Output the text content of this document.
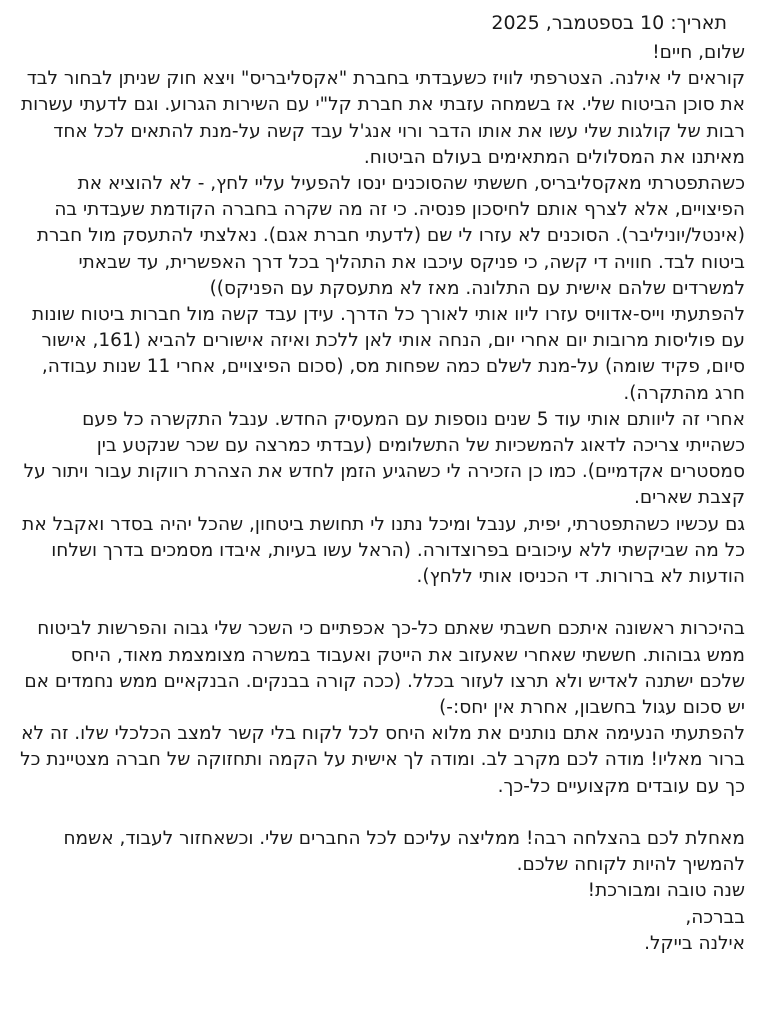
תאריך: 10 בספטמבר, 2025

שלום, חיים!

קוראים לי אילנה. הצטרפתי לוויז כשעבדתי בחברת "אקסליבריס" ויצא חוק שניתן לבחור לבד את סוכן הביטוח שלי. אז בשמחה עזבתי את חברת קל"י עם השירות הגרוע. וגם לדעתי עשרות רבות של קולגות שלי עשו את אותו הדבר ורוי אנג'ל עבד קשה על-מנת להתאים לכל אחד מאיתנו את המסלולים המתאימים בעולם הביטוח.

כשהתפטרתי מאקסליבריס, חששתי שהסוכנים ינסו להפעיל עליי לחץ, - לא להוציא את הפיצויים, אלא לצרף אותם לחיסכון פנסיה. כי זה מה שקרה בחברה הקודמת שעבדתי בה (אינטל/יוניליבר). הסוכנים לא עזרו לי שם (לדעתי חברת אגם). נאלצתי להתעסק מול חברת ביטוח לבד. חוויה די קשה, כי פניקס עיכבו את התהליך בכל דרך האפשרית, עד שבאתי למשרדים שלהם אישית עם התלונה. מאז לא מתעסקת עם הפניקס))

להפתעתי וייס-אדוויס עזרו ליוו אותי לאורך כל הדרך. עידן עבד קשה מול חברות ביטוח שונות עם פוליסות מרובות יום אחרי יום, הנחה אותי לאן ללכת ואיזה אישורים להביא (161, אישור סיום, פקיד שומה) על-מנת לשלם כמה שפחות מס, (סכום הפיצויים, אחרי 11 שנות עבודה, חרג מהתקרה).

אחרי זה ליוותם אותי עוד 5 שנים נוספות עם המעסיק החדש. ענבל התקשרה כל פעם כשהייתי צריכה לדאוג להמשכיות של התשלומים (עבדתי כמרצה עם שכר שנקטע בין סמסטרים אקדמיים). כמו כן הזכירה לי כשהגיע הזמן לחדש את הצהרת רווקות עבור ויתור על קצבת שארים.

גם עכשיו כשהתפטרתי, יפית, ענבל ומיכל נתנו לי תחושת ביטחון, שהכל יהיה בסדר ואקבל את כל מה שביקשתי ללא עיכובים בפרוצדורה. (הראל עשו בעיות, איבדו מסמכים בדרך ושלחו הודעות לא ברורות. די הכניסו אותי ללחץ).

בהיכרות ראשונה איתכם חשבתי שאתם כל-כך אכפתיים כי השכר שלי גבוה והפרשות לביטוח ממש גבוהות. חששתי שאחרי שאעזוב את הייטק ואעבוד במשרה מצומצמת מאוד, היחס שלכם ישתנה לאדיש ולא תרצו לעזור בכלל. (ככה קורה בבנקים. הבנקאיים ממש נחמדים אם יש סכום עגול בחשבון, אחרת אין יחס:-)

להפתעתי הנעימה אתם נותנים את מלוא היחס לכל לקוח בלי קשר למצב הכלכלי שלו. זה לא ברור מאליו! מודה לכם מקרב לב. ומודה לך אישית על הקמה ותחזוקה של חברה מצטיינת כל כך עם עובדים מקצועיים כל-כך.

מאחלת לכם בהצלחה רבה! ממליצה עליכם לכל החברים שלי. וכשאחזור לעבוד, אשמח להמשיך להיות לקוחה שלכם.

שנה טובה ומבורכת!

בברכה,

אילנה בייקל.
